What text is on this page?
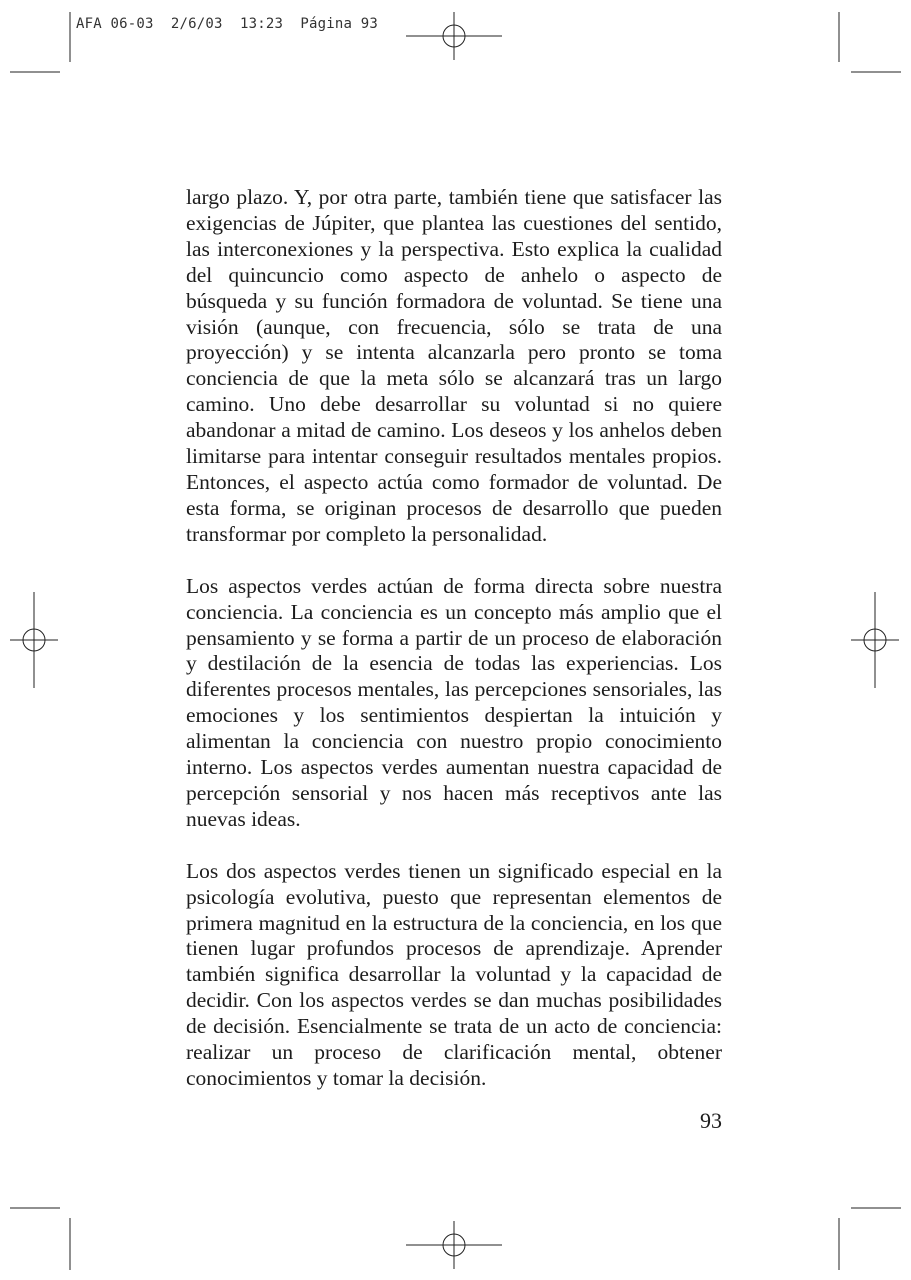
AFA 06-03  2/6/03  13:23  Página 93

largo plazo. Y, por otra parte, también tiene que satisfacer las exigencias de Júpiter, que plantea las cuestiones del sentido, las interconexiones y la perspectiva. Esto explica la cualidad del quincuncio como aspecto de anhelo o aspecto de búsqueda y su función formadora de voluntad. Se tiene una visión (aunque, con frecuencia, sólo se trata de una proyección) y se intenta alcanzarla pero pronto se toma conciencia de que la meta sólo se alcanzará tras un largo camino. Uno debe desarrollar su voluntad si no quiere abandonar a mitad de camino. Los deseos y los anhelos deben limitarse para intentar conseguir resultados mentales propios. Entonces, el aspecto actúa como formador de voluntad. De esta forma, se originan procesos de desarrollo que pueden transformar por completo la personalidad.

Los aspectos verdes actúan de forma directa sobre nuestra conciencia. La conciencia es un concepto más amplio que el pensamiento y se forma a partir de un proceso de elaboración y destilación de la esencia de todas las experiencias. Los diferentes procesos mentales, las percepciones sensoriales, las emociones y los sentimientos despiertan la intuición y alimentan la conciencia con nuestro propio conocimiento interno. Los aspectos verdes aumentan nuestra capacidad de percepción sensorial y nos hacen más receptivos ante las nuevas ideas.

Los dos aspectos verdes tienen un significado especial en la psicología evolutiva, puesto que representan elementos de primera magnitud en la estructura de la conciencia, en los que tienen lugar profundos procesos de aprendizaje. Aprender también significa desarrollar la voluntad y la capacidad de decidir. Con los aspectos verdes se dan muchas posibilidades de decisión. Esencialmente se trata de un acto de conciencia: realizar un proceso de clarificación mental, obtener conocimientos y tomar la decisión.

93
